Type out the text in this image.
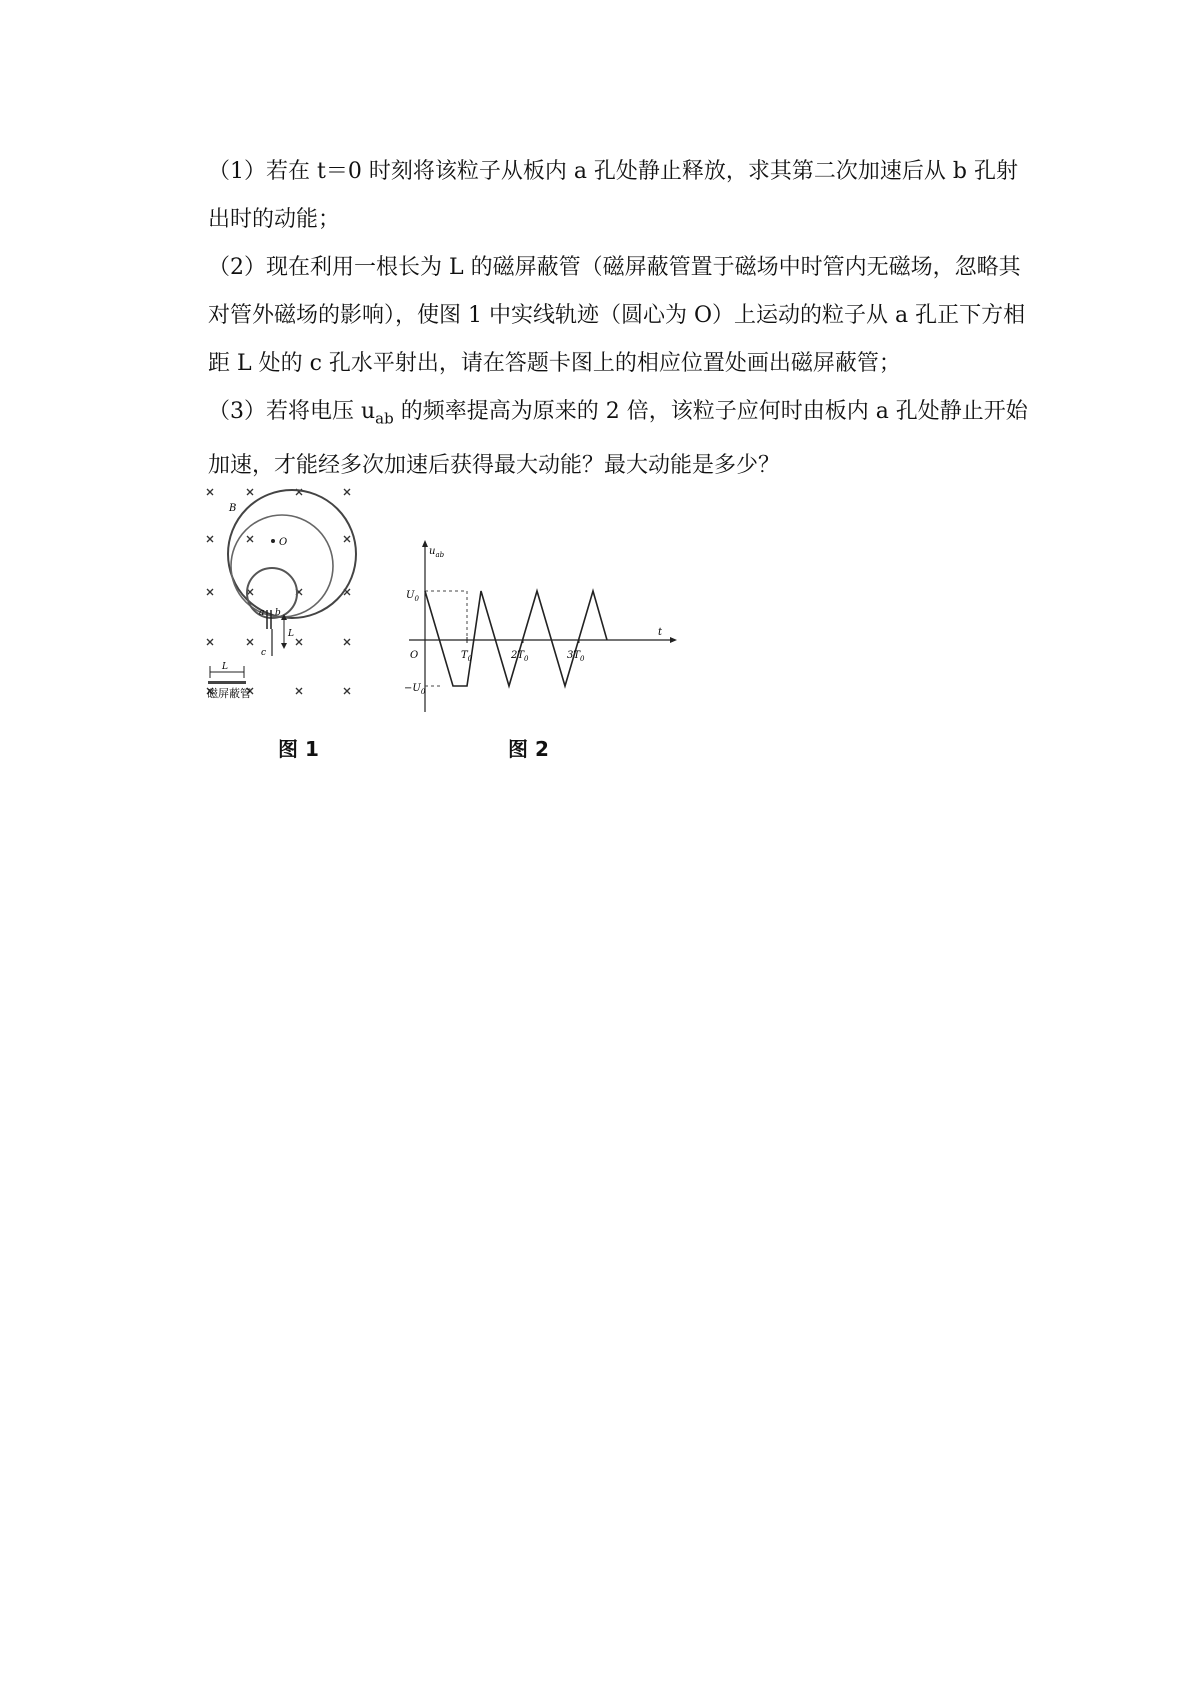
（1）若在 t＝0 时刻将该粒子从板内 a 孔处静止释放，求其第二次加速后从 b 孔射出时的动能；

（2）现在利用一根长为 L 的磁屏蔽管（磁屏蔽管置于磁场中时管内无磁场，忽略其对管外磁场的影响），使图 1 中实线轨迹（圆心为 O）上运动的粒子从 a 孔正下方相距 L 处的 c 孔水平射出，请在答题卡图上的相应位置处画出磁屏蔽管；

（3）若将电压 $u_{ab}$ 的频率提高为原来的 2 倍，该粒子应何时由板内 a 孔处静止开始加速，才能经多次加速后获得最大动能？最大动能是多少？

B
O
a b
c
L
L
磁屏蔽管
$u_{ab}$
t
O
$U_0$
$-U_0$
$T_0$	$2T_0$	$3T_0$
图 1	图 2
